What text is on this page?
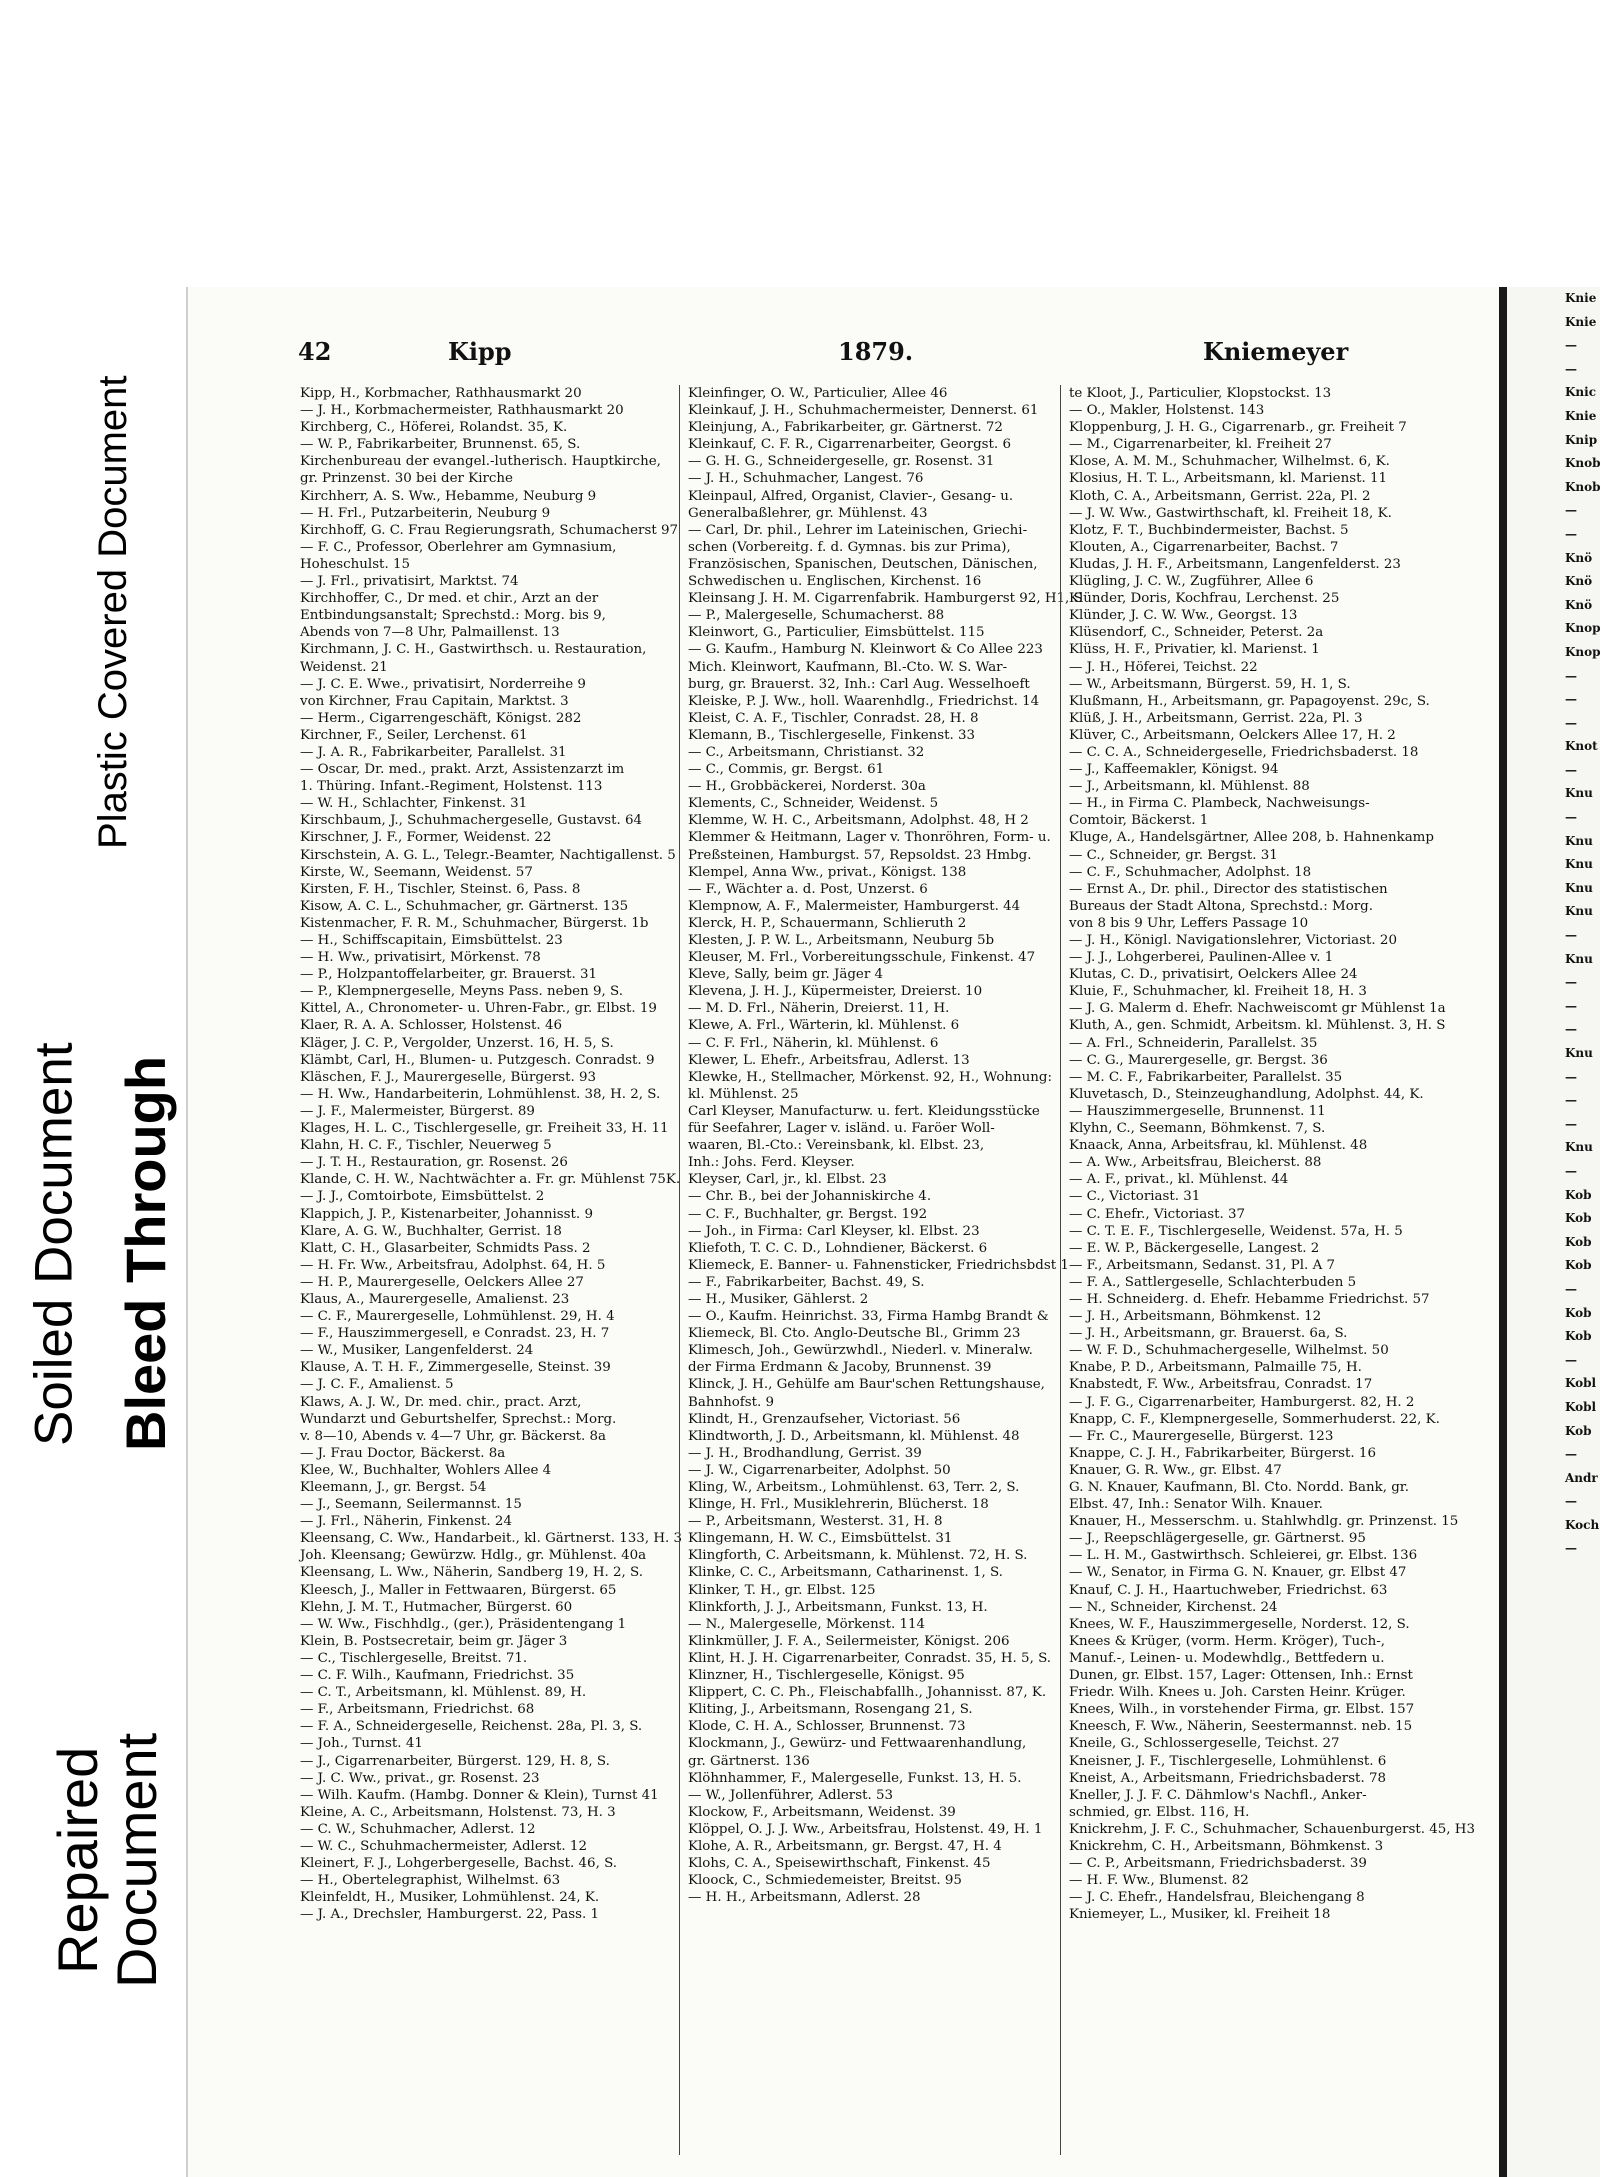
Plastic Covered Document
Soiled Document Bleed Through
Repaired Document
42	Kipp	1879.	Kniemeyer
Kipp, H., Korbmacher, Rathhausmarkt 20
— J. H., Korbmachermeister, Rathhausmarkt 20
Kirchberg, C., Höferei, Rolandst. 35, K.
— W. P., Fabrikarbeiter, Brunnenst. 65, S.
Kirchenbureau der evangel.-lutherisch. Hauptkirche,
gr. Prinzenst. 30 bei der Kirche
Kirchherr, A. S. Ww., Hebamme, Neuburg 9
— H. Frl., Putzarbeiterin, Neuburg 9
Kirchhoff, G. C. Frau Regierungsrath, Schumacherst 97
— F. C., Professor, Oberlehrer am Gymnasium,
Hoheschulst. 15
— J. Frl., privatisirt, Marktst. 74
Kirchhoffer, C., Dr med. et chir., Arzt an der
Entbindungsanstalt; Sprechstd.: Morg. bis 9,
Abends von 7—8 Uhr, Palmaillenst. 13
Kirchmann, J. C. H., Gastwirthsch. u. Restauration,
Weidenst. 21
— J. C. E. Wwe., privatisirt, Norderreihe 9
von Kirchner, Frau Capitain, Marktst. 3
— Herm., Cigarrengeschäft, Königst. 282
Kirchner, F., Seiler, Lerchenst. 61
— J. A. R., Fabrikarbeiter, Parallelst. 31
— Oscar, Dr. med., prakt. Arzt, Assistenzarzt im
1. Thüring. Infant.-Regiment, Holstenst. 113
— W. H., Schlachter, Finkenst. 31
Kirschbaum, J., Schuhmachergeselle, Gustavst. 64
Kirschner, J. F., Former, Weidenst. 22
Kirschstein, A. G. L., Telegr.-Beamter, Nachtigallenst. 5
Kirste, W., Seemann, Weidenst. 57
Kirsten, F. H., Tischler, Steinst. 6, Pass. 8
Kisow, A. C. L., Schuhmacher, gr. Gärtnerst. 135
Kistenmacher, F. R. M., Schuhmacher, Bürgerst. 1b
— H., Schiffscapitain, Eimsbüttelst. 23
— H. Ww., privatisirt, Mörkenst. 78
— P., Holzpantoffelarbeiter, gr. Brauerst. 31
— P., Klempnergeselle, Meyns Pass. neben 9, S.
Kittel, A., Chronometer- u. Uhren-Fabr., gr. Elbst. 19
Klaer, R. A. A. Schlosser, Holstenst. 46
Kläger, J. C. P., Vergolder, Unzerst. 16, H. 5, S.
Klämbt, Carl, H., Blumen- u. Putzgesch. Conradst. 9
Kläschen, F. J., Maurergeselle, Bürgerst. 93
— H. Ww., Handarbeiterin, Lohmühlenst. 38, H. 2, S.
— J. F., Malermeister, Bürgerst. 89
Klages, H. L. C., Tischlergeselle, gr. Freiheit 33, H. 11
Klahn, H. C. F., Tischler, Neuerweg 5
— J. T. H., Restauration, gr. Rosenst. 26
Klande, C. H. W., Nachtwächter a. Fr. gr. Mühlenst 75K.
— J. J., Comtoirbote, Eimsbüttelst. 2
Klappich, J. P., Kistenarbeiter, Johannisst. 9
Klare, A. G. W., Buchhalter, Gerrist. 18
Klatt, C. H., Glasarbeiter, Schmidts Pass. 2
— H. Fr. Ww., Arbeitsfrau, Adolphst. 64, H. 5
— H. P., Maurergeselle, Oelckers Allee 27
Klaus, A., Maurergeselle, Amalienst. 23
— C. F., Maurergeselle, Lohmühlenst. 29, H. 4
— F., Hauszimmergesell, e Conradst. 23, H. 7
— W., Musiker, Langenfelderst. 24
Klause, A. T. H. F., Zimmergeselle, Steinst. 39
— J. C. F., Amalienst. 5
Klaws, A. J. W., Dr. med. chir., pract. Arzt,
Wundarzt und Geburtshelfer, Sprechst.: Morg.
v. 8—10, Abends v. 4—7 Uhr, gr. Bäckerst. 8a
— J. Frau Doctor, Bäckerst. 8a
Klee, W., Buchhalter, Wohlers Allee 4
Kleemann, J., gr. Bergst. 54
— J., Seemann, Seilermannst. 15
— J. Frl., Näherin, Finkenst. 24
Kleensang, C. Ww., Handarbeit., kl. Gärtnerst. 133, H. 3
Joh. Kleensang; Gewürzw. Hdlg., gr. Mühlenst. 40a
Kleensang, L. Ww., Näherin, Sandberg 19, H. 2, S.
Kleesch, J., Maller in Fettwaaren, Bürgerst. 65
Klehn, J. M. T., Hutmacher, Bürgerst. 60
— W. Ww., Fischhdlg., (ger.), Präsidentengang 1
Klein, B. Postsecretair, beim gr. Jäger 3
— C., Tischlergeselle, Breitst. 71.
— C. F. Wilh., Kaufmann, Friedrichst. 35
— C. T., Arbeitsmann, kl. Mühlenst. 89, H.
— F., Arbeitsmann, Friedrichst. 68
— F. A., Schneidergeselle, Reichenst. 28a, Pl. 3, S.
— Joh., Turnst. 41
— J., Cigarrenarbeiter, Bürgerst. 129, H. 8, S.
— J. C. Ww., privat., gr. Rosenst. 23
— Wilh. Kaufm. (Hambg. Donner & Klein), Turnst 41
Kleine, A. C., Arbeitsmann, Holstenst. 73, H. 3
— C. W., Schuhmacher, Adlerst. 12
— W. C., Schuhmachermeister, Adlerst. 12
Kleinert, F. J., Lohgerbergeselle, Bachst. 46, S.
— H., Obertelegraphist, Wilhelmst. 63
Kleinfeldt, H., Musiker, Lohmühlenst. 24, K.
— J. A., Drechsler, Hamburgerst. 22, Pass. 1
Kleinfinger, O. W., Particulier, Allee 46
Kleinkauf, J. H., Schuhmachermeister, Dennerst. 61
Kleinjung, A., Fabrikarbeiter, gr. Gärtnerst. 72
Kleinkauf, C. F. R., Cigarrenarbeiter, Georgst. 6
— G. H. G., Schneidergeselle, gr. Rosenst. 31
— J. H., Schuhmacher, Langest. 76
Kleinpaul, Alfred, Organist, Clavier-, Gesang- u.
Generalbaßlehrer, gr. Mühlenst. 43
— Carl, Dr. phil., Lehrer im Lateinischen, Griechi-
schen (Vorbereitg. f. d. Gymnas. bis zur Prima),
Französischen, Spanischen, Deutschen, Dänischen,
Schwedischen u. Englischen, Kirchenst. 16
Kleinsang J. H. M. Cigarrenfabrik. Hamburgerst 92, H1, S
— P., Malergeselle, Schumacherst. 88
Kleinwort, G., Particulier, Eimsbüttelst. 115
— G. Kaufm., Hamburg N. Kleinwort & Co Allee 223
Mich. Kleinwort, Kaufmann, Bl.-Cto. W. S. War-
burg, gr. Brauerst. 32, Inh.: Carl Aug. Wesselhoeft
Kleiske, P. J. Ww., holl. Waarenhdlg., Friedrichst. 14
Kleist, C. A. F., Tischler, Conradst. 28, H. 8
Klemann, B., Tischlergeselle, Finkenst. 33
— C., Arbeitsmann, Christianst. 32
— C., Commis, gr. Bergst. 61
— H., Grobbäckerei, Norderst. 30a
Klements, C., Schneider, Weidenst. 5
Klemme, W. H. C., Arbeitsmann, Adolphst. 48, H 2
Klemmer & Heitmann, Lager v. Thonröhren, Form- u.
Preßsteinen, Hamburgst. 57, Repsoldst. 23 Hmbg.
Klempel, Anna Ww., privat., Königst. 138
— F., Wächter a. d. Post, Unzerst. 6
Klempnow, A. F., Malermeister, Hamburgerst. 44
Klerck, H. P., Schauermann, Schlieruth 2
Klesten, J. P. W. L., Arbeitsmann, Neuburg 5b
Kleuser, M. Frl., Vorbereitungsschule, Finkenst. 47
Kleve, Sally, beim gr. Jäger 4
Klevena, J. H. J., Küpermeister, Dreierst. 10
— M. D. Frl., Näherin, Dreierst. 11, H.
Klewe, A. Frl., Wärterin, kl. Mühlenst. 6
— C. F. Frl., Näherin, kl. Mühlenst. 6
Klewer, L. Ehefr., Arbeitsfrau, Adlerst. 13
Klewke, H., Stellmacher, Mörkenst. 92, H., Wohnung:
kl. Mühlenst. 25
Carl Kleyser, Manufacturw. u. fert. Kleidungsstücke
für Seefahrer, Lager v. isländ. u. Faröer Woll-
waaren, Bl.-Cto.: Vereinsbank, kl. Elbst. 23,
Inh.: Johs. Ferd. Kleyser.
Kleyser, Carl, jr., kl. Elbst. 23
— Chr. B., bei der Johanniskirche 4.
— C. F., Buchhalter, gr. Bergst. 192
— Joh., in Firma: Carl Kleyser, kl. Elbst. 23
Kliefoth, T. C. C. D., Lohndiener, Bäckerst. 6
Kliemeck, E. Banner- u. Fahnensticker, Friedrichsbdst 1
— F., Fabrikarbeiter, Bachst. 49, S.
— H., Musiker, Gählerst. 2
— O., Kaufm. Heinrichst. 33, Firma Hambg Brandt &
Kliemeck, Bl. Cto. Anglo-Deutsche Bl., Grimm 23
Klimesch, Joh., Gewürzwhdl., Niederl. v. Mineralw.
der Firma Erdmann & Jacoby, Brunnenst. 39
Klinck, J. H., Gehülfe am Baur'schen Rettungshause,
Bahnhofst. 9
Klindt, H., Grenzaufseher, Victoriast. 56
Klindtworth, J. D., Arbeitsmann, kl. Mühlenst. 48
— J. H., Brodhandlung, Gerrist. 39
— J. W., Cigarrenarbeiter, Adolphst. 50
Kling, W., Arbeitsm., Lohmühlenst. 63, Terr. 2, S.
Klinge, H. Frl., Musiklehrerin, Blücherst. 18
— P., Arbeitsmann, Westerst. 31, H. 8
Klingemann, H. W. C., Eimsbüttelst. 31
Klingforth, C. Arbeitsmann, k. Mühlenst. 72, H. S.
Klinke, C. C., Arbeitsmann, Catharinenst. 1, S.
Klinker, T. H., gr. Elbst. 125
Klinkforth, J. J., Arbeitsmann, Funkst. 13, H.
— N., Malergeselle, Mörkenst. 114
Klinkmüller, J. F. A., Seilermeister, Königst. 206
Klint, H. J. H. Cigarrenarbeiter, Conradst. 35, H. 5, S.
Klinzner, H., Tischlergeselle, Königst. 95
Klippert, C. C. Ph., Fleischabfallh., Johannisst. 87, K.
Kliting, J., Arbeitsmann, Rosengang 21, S.
Klode, C. H. A., Schlosser, Brunnenst. 73
Klockmann, J., Gewürz- und Fettwaarenhandlung,
gr. Gärtnerst. 136
Klöhnhammer, F., Malergeselle, Funkst. 13, H. 5.
— W., Jollenführer, Adlerst. 53
Klockow, F., Arbeitsmann, Weidenst. 39
Klöppel, O. J. J. Ww., Arbeitsfrau, Holstenst. 49, H. 1
Klohe, A. R., Arbeitsmann, gr. Bergst. 47, H. 4
Klohs, C. A., Speisewirthschaft, Finkenst. 45
Kloock, C., Schmiedemeister, Breitst. 95
— H. H., Arbeitsmann, Adlerst. 28
te Kloot, J., Particulier, Klopstockst. 13
— O., Makler, Holstenst. 143
Kloppenburg, J. H. G., Cigarrenarb., gr. Freiheit 7
— M., Cigarrenarbeiter, kl. Freiheit 27
Klose, A. M. M., Schuhmacher, Wilhelmst. 6, K.
Klosius, H. T. L., Arbeitsmann, kl. Marienst. 11
Kloth, C. A., Arbeitsmann, Gerrist. 22a, Pl. 2
— J. W. Ww., Gastwirthschaft, kl. Freiheit 18, K.
Klotz, F. T., Buchbindermeister, Bachst. 5
Klouten, A., Cigarrenarbeiter, Bachst. 7
Kludas, J. H. F., Arbeitsmann, Langenfelderst. 23
Klügling, J. C. W., Zugführer, Allee 6
Klünder, Doris, Kochfrau, Lerchenst. 25
Klünder, J. C. W. Ww., Georgst. 13
Klüsendorf, C., Schneider, Peterst. 2a
Klüss, H. F., Privatier, kl. Marienst. 1
— J. H., Höferei, Teichst. 22
— W., Arbeitsmann, Bürgerst. 59, H. 1, S.
Klußmann, H., Arbeitsmann, gr. Papagoyenst. 29c, S.
Klüß, J. H., Arbeitsmann, Gerrist. 22a, Pl. 3
Klüver, C., Arbeitsmann, Oelckers Allee 17, H. 2
— C. C. A., Schneidergeselle, Friedrichsbaderst. 18
— J., Kaffeemakler, Königst. 94
— J., Arbeitsmann, kl. Mühlenst. 88
— H., in Firma C. Plambeck, Nachweisungs-
Comtoir, Bäckerst. 1
Kluge, A., Handelsgärtner, Allee 208, b. Hahnenkamp
— C., Schneider, gr. Bergst. 31
— C. F., Schuhmacher, Adolphst. 18
— Ernst A., Dr. phil., Director des statistischen
Bureaus der Stadt Altona, Sprechstd.: Morg.
von 8 bis 9 Uhr, Leffers Passage 10
— J. H., Königl. Navigationslehrer, Victoriast. 20
— J. J., Lohgerberei, Paulinen-Allee v. 1
Klutas, C. D., privatisirt, Oelckers Allee 24
Kluie, F., Schuhmacher, kl. Freiheit 18, H. 3
— J. G. Malerm d. Ehefr. Nachweiscomt gr Mühlenst 1a
Kluth, A., gen. Schmidt, Arbeitsm. kl. Mühlenst. 3, H. S
— A. Frl., Schneiderin, Parallelst. 35
— C. G., Maurergeselle, gr. Bergst. 36
— M. C. F., Fabrikarbeiter, Parallelst. 35
Kluvetasch, D., Steinzeughandlung, Adolphst. 44, K.
— Hauszimmergeselle, Brunnenst. 11
Klyhn, C., Seemann, Böhmkenst. 7, S.
Knaack, Anna, Arbeitsfrau, kl. Mühlenst. 48
— A. Ww., Arbeitsfrau, Bleicherst. 88
— A. F., privat., kl. Mühlenst. 44
— C., Victoriast. 31
— C. Ehefr., Victoriast. 37
— C. T. E. F., Tischlergeselle, Weidenst. 57a, H. 5
— E. W. P., Bäckergeselle, Langest. 2
— F., Arbeitsmann, Sedanst. 31, Pl. A 7
— F. A., Sattlergeselle, Schlachterbuden 5
— H. Schneiderg. d. Ehefr. Hebamme Friedrichst. 57
— J. H., Arbeitsmann, Böhmkenst. 12
— J. H., Arbeitsmann, gr. Brauerst. 6a, S.
— W. F. D., Schuhmachergeselle, Wilhelmst. 50
Knabe, P. D., Arbeitsmann, Palmaille 75, H.
Knabstedt, F. Ww., Arbeitsfrau, Conradst. 17
— J. F. G., Cigarrenarbeiter, Hamburgerst. 82, H. 2
Knapp, C. F., Klempnergeselle, Sommerhuderst. 22, K.
— Fr. C., Maurergeselle, Bürgerst. 123
Knappe, C. J. H., Fabrikarbeiter, Bürgerst. 16
Knauer, G. R. Ww., gr. Elbst. 47
G. N. Knauer, Kaufmann, Bl. Cto. Nordd. Bank, gr.
Elbst. 47, Inh.: Senator Wilh. Knauer.
Knauer, H., Messerschm. u. Stahlwhdlg. gr. Prinzenst. 15
— J., Reepschlägergeselle, gr. Gärtnerst. 95
— L. H. M., Gastwirthsch. Schleierei, gr. Elbst. 136
— W., Senator, in Firma G. N. Knauer, gr. Elbst 47
Knauf, C. J. H., Haartuchweber, Friedrichst. 63
— N., Schneider, Kirchenst. 24
Knees, W. F., Hauszimmergeselle, Norderst. 12, S.
Knees & Krüger, (vorm. Herm. Kröger), Tuch-,
Manuf.-, Leinen- u. Modewhdlg., Bettfedern u.
Dunen, gr. Elbst. 157, Lager: Ottensen, Inh.: Ernst
Friedr. Wilh. Knees u. Joh. Carsten Heinr. Krüger.
Knees, Wilh., in vorstehender Firma, gr. Elbst. 157
Kneesch, F. Ww., Näherin, Seestermannst. neb. 15
Kneile, G., Schlossergeselle, Teichst. 27
Kneisner, J. F., Tischlergeselle, Lohmühlenst. 6
Kneist, A., Arbeitsmann, Friedrichsbaderst. 78
Kneller, J. J. F. C. Dähmlow's Nachfl., Anker-
schmied, gr. Elbst. 116, H.
Knickrehm, J. F. C., Schuhmacher, Schauenburgerst. 45, H3
Knickrehm, C. H., Arbeitsmann, Böhmkenst. 3
— C. P., Arbeitsmann, Friedrichsbaderst. 39
— H. F. Ww., Blumenst. 82
— J. C. Ehefr., Handelsfrau, Bleichengang 8
Kniemeyer, L., Musiker, kl. Freiheit 18
Knie
Knie
—
—
Knic
Knie
Knip
Knob
Knob
—
—
Knö
Knö
Knö
Knop
Knop
—
—
—
Knot
—
Knu
—
Knu
Knu
Knu
Knu
—
Knu
—
—
—
Knu
—
—
—
Knu
—
Kob
Kob
Kob
Kob
—
Kob
Kob
—
Kobl
Kobl
Kob
—
Andr
—
Koch
—
